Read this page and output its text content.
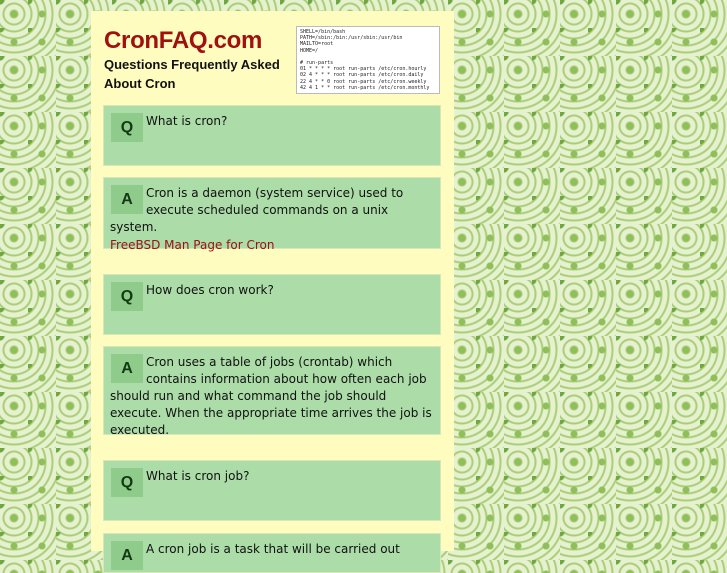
CronFAQ.com
Questions Frequently Asked About Cron
SHELL=/bin/bash
PATH=/sbin:/bin:/usr/sbin:/usr/bin
MAILTO=root
HOME=/

# run-parts
01 * * * * root run-parts /etc/cron.hourly
02 4 * * * root run-parts /etc/cron.daily
22 4 * * 0 root run-parts /etc/cron.weekly
42 4 1 * * root run-parts /etc/cron.monthly
Q	What is cron?
A	Cron is a daemon (system service) used to execute scheduled commands on a unix system.
FreeBSD Man Page for Cron
Q	How does cron work?
A	Cron uses a table of jobs (crontab) which contains information about how often each job should run and what command the job should execute. When the appropriate time arrives the job is executed.
Q	What is cron job?
A	A cron job is a task that will be carried out
